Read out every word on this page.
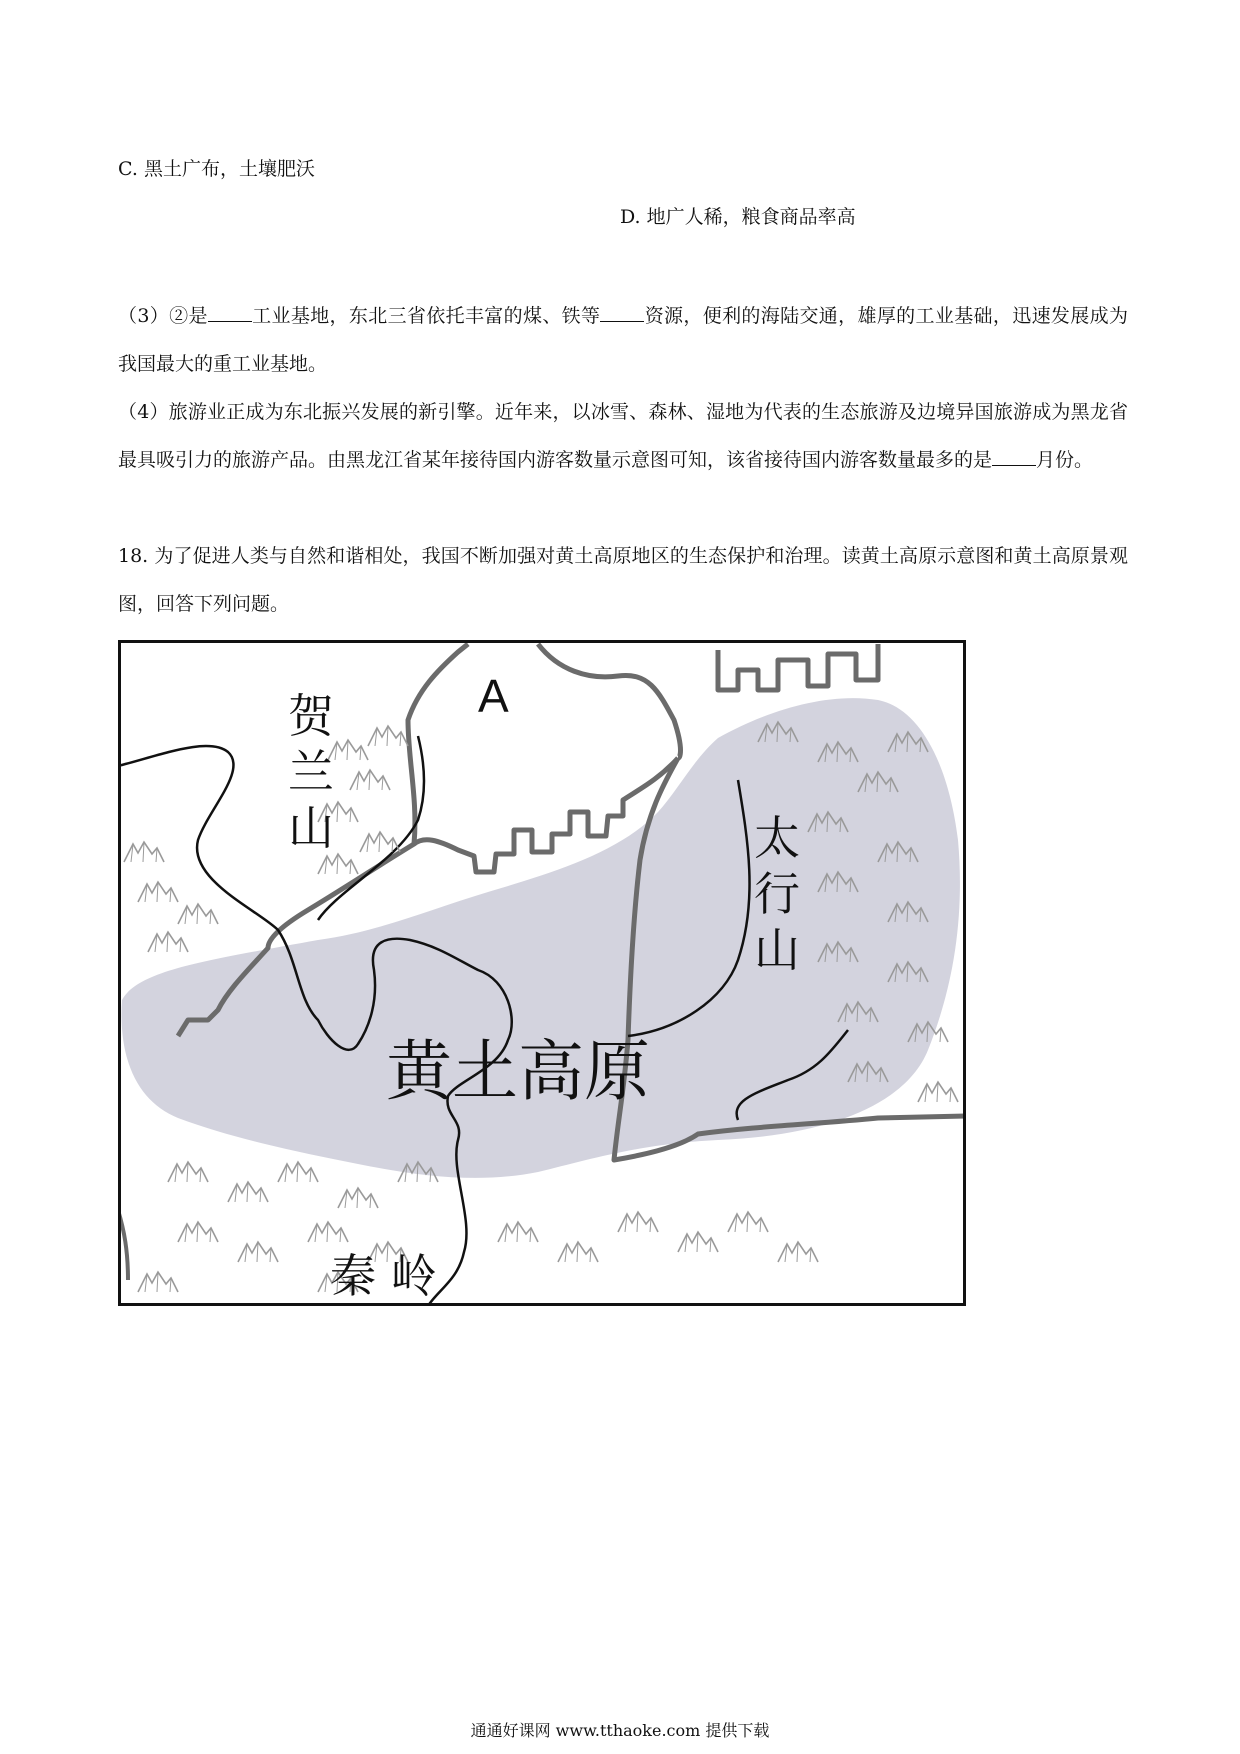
C. 黑土广布，土壤肥沃
D. 地广人稀，粮食商品率高
（3）②是 工业基地，东北三省依托丰富的煤、铁等 资源，便利的海陆交通，雄厚的工业基础，迅速发展成为我国最大的重工业基地。
（4）旅游业正成为东北振兴发展的新引擎。近年来，以冰雪、森林、湿地为代表的生态旅游及边境异国旅游成为黑龙省最具吸引力的旅游产品。由黑龙江省某年接待国内游客数量示意图可知，该省接待国内游客数量最多的是 月份。
18. 为了促进人类与自然和谐相处，我国不断加强对黄土高原地区的生态保护和治理。读黄土高原示意图和黄土高原景观图，回答下列问题。
A
贺
兰
山	太
行
山
黄土高原
秦 岭
通通好课网 www.tthaoke.com 提供下载
